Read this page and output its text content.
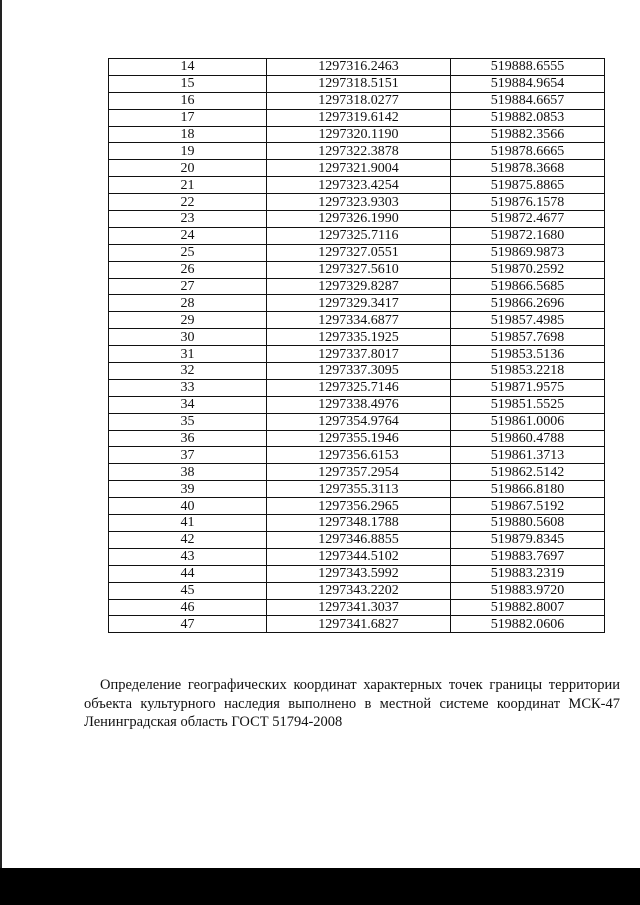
14	1297316.2463	519888.6555
15	1297318.5151	519884.9654
16	1297318.0277	519884.6657
17	1297319.6142	519882.0853
18	1297320.1190	519882.3566
19	1297322.3878	519878.6665
20	1297321.9004	519878.3668
21	1297323.4254	519875.8865
22	1297323.9303	519876.1578
23	1297326.1990	519872.4677
24	1297325.7116	519872.1680
25	1297327.0551	519869.9873
26	1297327.5610	519870.2592
27	1297329.8287	519866.5685
28	1297329.3417	519866.2696
29	1297334.6877	519857.4985
30	1297335.1925	519857.7698
31	1297337.8017	519853.5136
32	1297337.3095	519853.2218
33	1297325.7146	519871.9575
34	1297338.4976	519851.5525
35	1297354.9764	519861.0006
36	1297355.1946	519860.4788
37	1297356.6153	519861.3713
38	1297357.2954	519862.5142
39	1297355.3113	519866.8180
40	1297356.2965	519867.5192
41	1297348.1788	519880.5608
42	1297346.8855	519879.8345
43	1297344.5102	519883.7697
44	1297343.5992	519883.2319
45	1297343.2202	519883.9720
46	1297341.3037	519882.8007
47	1297341.6827	519882.0606

Определение географических координат характерных точек границы территории объекта культурного наследия выполнено в местной системе координат МСК-47 Ленинградская область ГОСТ 51794-2008
